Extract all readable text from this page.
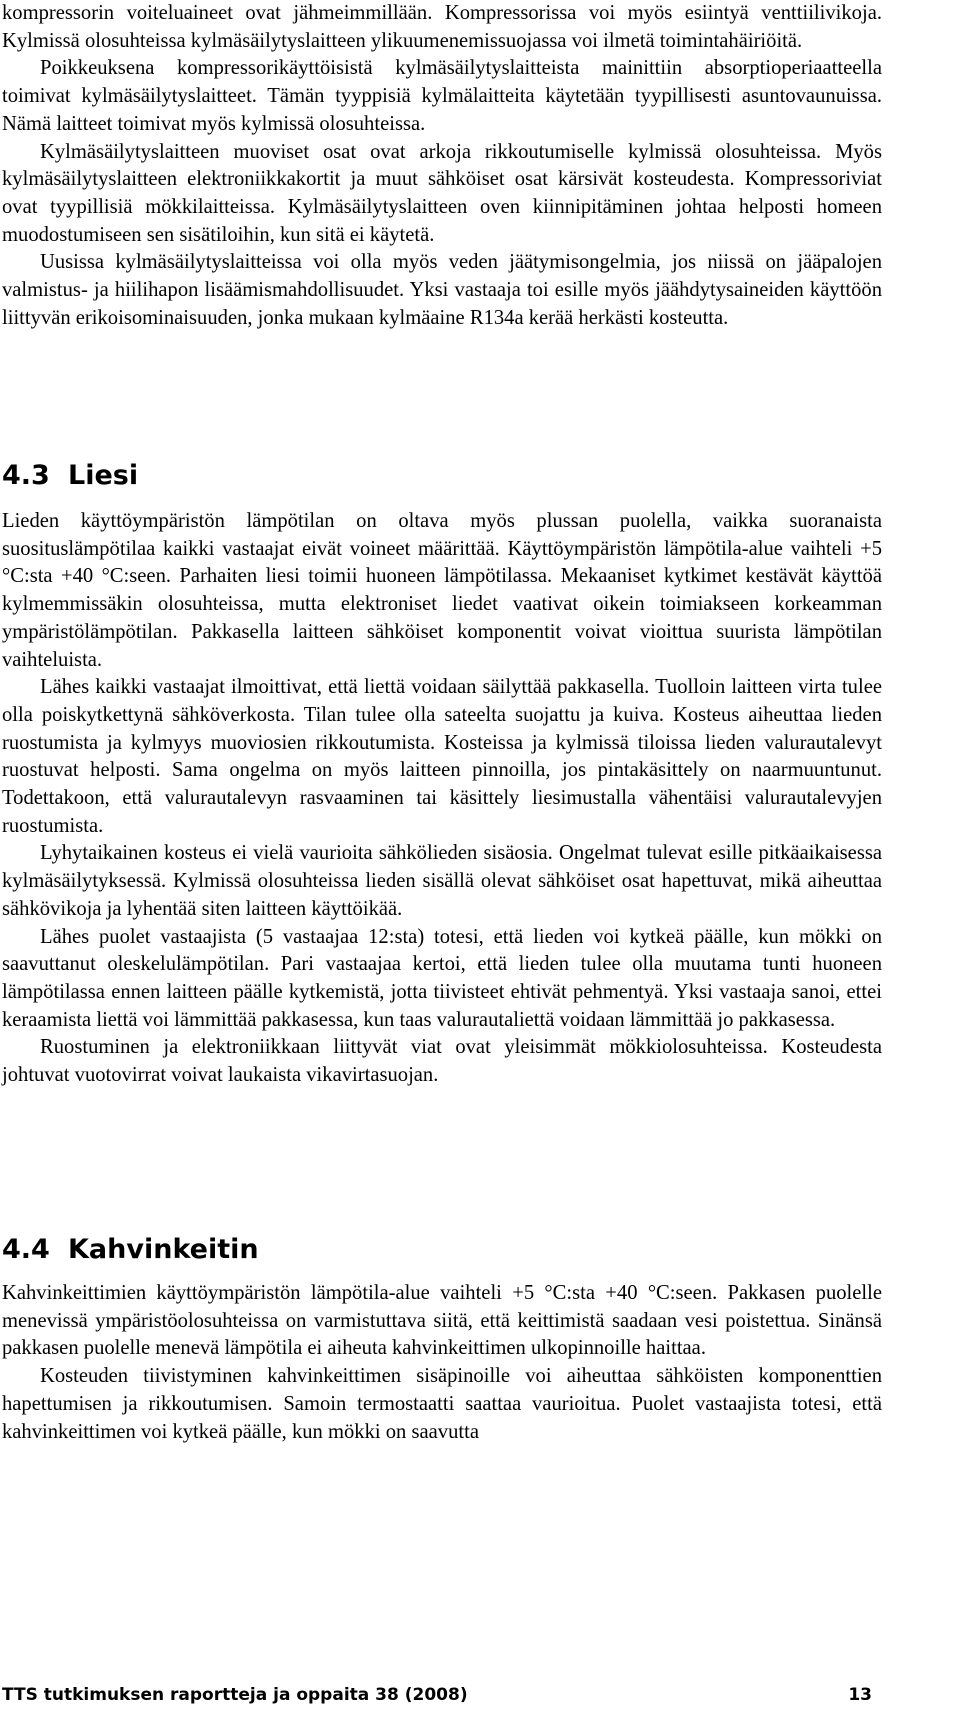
kompressorin voiteluaineet ovat jähmeimmillään. Kompressorissa voi myös esiintyä venttiilivikoja. Kylmissä olosuhteissa kylmäsäilytyslaitteen ylikuumenemissuojassa voi ilmetä toimintahäiriöitä.

Poikkeuksena kompressorikäyttöisistä kylmäsäilytyslaitteista mainittiin absorptioperiaatteella toimivat kylmäsäilytyslaitteet. Tämän tyyppisiä kylmälaitteita käytetään tyypillisesti asuntovaunuissa. Nämä laitteet toimivat myös kylmissä olosuhteissa.

Kylmäsäilytyslaitteen muoviset osat ovat arkoja rikkoutumiselle kylmissä olosuhteissa. Myös kylmäsäilytyslaitteen elektroniikkakortit ja muut sähköiset osat kärsivät kosteudesta. Kompressoriviat ovat tyypillisiä mökkilaitteissa. Kylmäsäilytyslaitteen oven kiinnipitäminen johtaa helposti homeen muodostumiseen sen sisätiloihin, kun sitä ei käytetä.

Uusissa kylmäsäilytyslaitteissa voi olla myös veden jäätymisongelmia, jos niissä on jääpalojen valmistus- ja hiilihapon lisäämismahdollisuudet. Yksi vastaaja toi esille myös jäähdytysaineiden käyttöön liittyvän erikoisominaisuuden, jonka mukaan kylmäaine R134a kerää herkästi kosteutta.

4.3 Liesi

Lieden käyttöympäristön lämpötilan on oltava myös plussan puolella, vaikka suoranaista suosituslämpötilaa kaikki vastaajat eivät voineet määrittää. Käyttöympäristön lämpötila-alue vaihteli +5 °C:sta +40 °C:seen. Parhaiten liesi toimii huoneen lämpötilassa. Mekaaniset kytkimet kestävät käyttöä kylmemmissäkin olosuhteissa, mutta elektroniset liedet vaativat oikein toimiakseen korkeamman ympäristölämpötilan. Pakkasella laitteen sähköiset komponentit voivat vioittua suurista lämpötilan vaihteluista.

Lähes kaikki vastaajat ilmoittivat, että liettä voidaan säilyttää pakkasella. Tuolloin laitteen virta tulee olla poiskytkettynä sähköverkosta. Tilan tulee olla sateelta suojattu ja kuiva. Kosteus aiheuttaa lieden ruostumista ja kylmyys muoviosien rikkoutumista. Kosteissa ja kylmissä tiloissa lieden valurautalevyt ruostuvat helposti. Sama ongelma on myös laitteen pinnoilla, jos pintakäsittely on naarmuuntunut. Todettakoon, että valurautalevyn rasvaaminen tai käsittely liesimustalla vähentäisi valurautalevyjen ruostumista.

Lyhytaikainen kosteus ei vielä vaurioita sähkölieden sisäosia. Ongelmat tulevat esille pitkäaikaisessa kylmäsäilytyksessä. Kylmissä olosuhteissa lieden sisällä olevat sähköiset osat hapettuvat, mikä aiheuttaa sähkövikoja ja lyhentää siten laitteen käyttöikää.

Lähes puolet vastaajista (5 vastaajaa 12:sta) totesi, että lieden voi kytkeä päälle, kun mökki on saavuttanut oleskelulämpötilan. Pari vastaajaa kertoi, että lieden tulee olla muutama tunti huoneen lämpötilassa ennen laitteen päälle kytkemistä, jotta tiivisteet ehtivät pehmentyä. Yksi vastaaja sanoi, ettei keraamista liettä voi lämmittää pakkasessa, kun taas valurautaliettä voidaan lämmittää jo pakkasessa.

Ruostuminen ja elektroniikkaan liittyvät viat ovat yleisimmät mökkiolosuhteissa. Kosteudesta johtuvat vuotovirrat voivat laukaista vikavirtasuojan.

4.4 Kahvinkeitin

Kahvinkeittimien käyttöympäristön lämpötila-alue vaihteli +5 °C:sta +40 °C:seen. Pakkasen puolelle menevissä ympäristöolosuhteissa on varmistuttava siitä, että keittimistä saadaan vesi poistettua. Sinänsä pakkasen puolelle menevä lämpötila ei aiheuta kahvinkeittimen ulkopinnoille haittaa.

Kosteuden tiivistyminen kahvinkeittimen sisäpinoille voi aiheuttaa sähköisten komponenttien hapettumisen ja rikkoutumisen. Samoin termostaatti saattaa vaurioitua. Puolet vastaajista totesi, että kahvinkeittimen voi kytkeä päälle, kun mökki on saavutta

TTS tutkimuksen raportteja ja oppaita 38 (2008)	13
